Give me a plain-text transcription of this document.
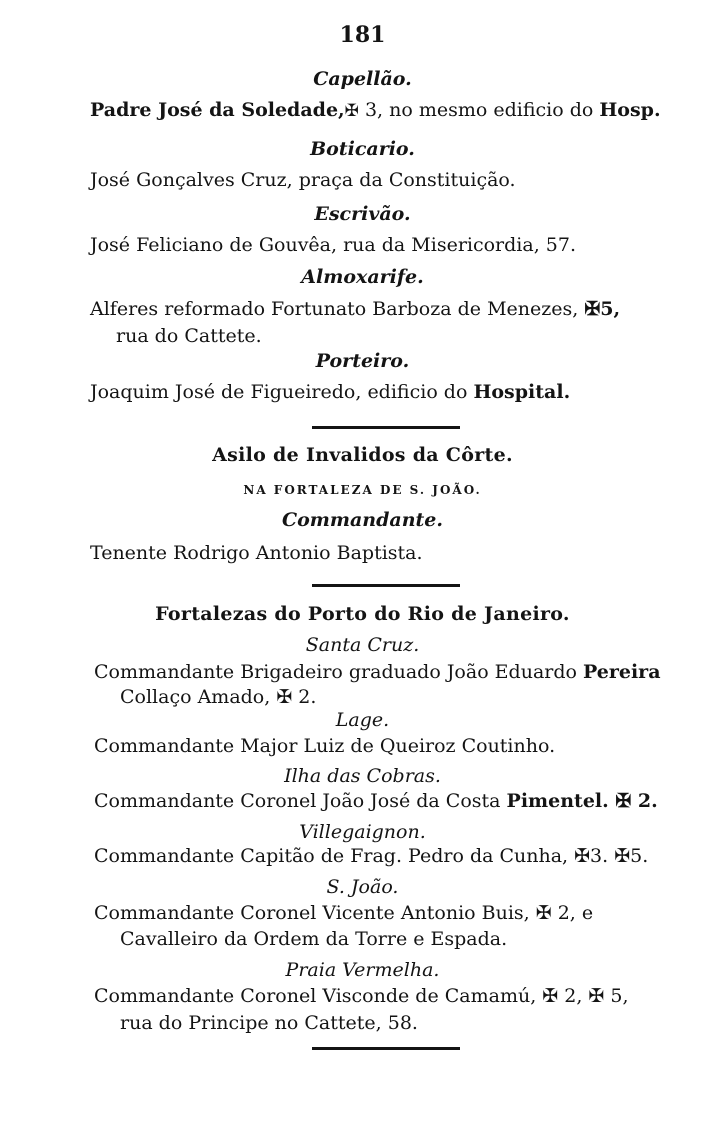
181
Capellão.
Padre José da Soledade,✠ 3, no mesmo edificio do Hosp.
Boticario.
José Gonçalves Cruz, praça da Constituição.
Escrivão.
José Feliciano de Gouvêa, rua da Misericordia, 57.
Almoxarife.
Alferes reformado Fortunato Barboza de Menezes, ✠5,
rua do Cattete.
Porteiro.
Joaquim José de Figueiredo, edificio do Hospital.
Asilo de Invalidos da Côrte.
NA FORTALEZA DE S. JOÃO.
Commandante.
Tenente Rodrigo Antonio Baptista.
Fortalezas do Porto do Rio de Janeiro.
Santa Cruz.
Commandante Brigadeiro graduado João Eduardo Pereira
Collaço Amado, ✠ 2.
Lage.
Commandante Major Luiz de Queiroz Coutinho.
Ilha das Cobras.
Commandante Coronel João José da Costa Pimentel. ✠ 2.
Villegaignon.
Commandante Capitão de Frag. Pedro da Cunha, ✠3. ✠5.
S. João.
Commandante Coronel Vicente Antonio Buis, ✠ 2, e
Cavalleiro da Ordem da Torre e Espada.
Praia Vermelha.
Commandante Coronel Visconde de Camamú, ✠ 2, ✠ 5,
rua do Principe no Cattete, 58.
